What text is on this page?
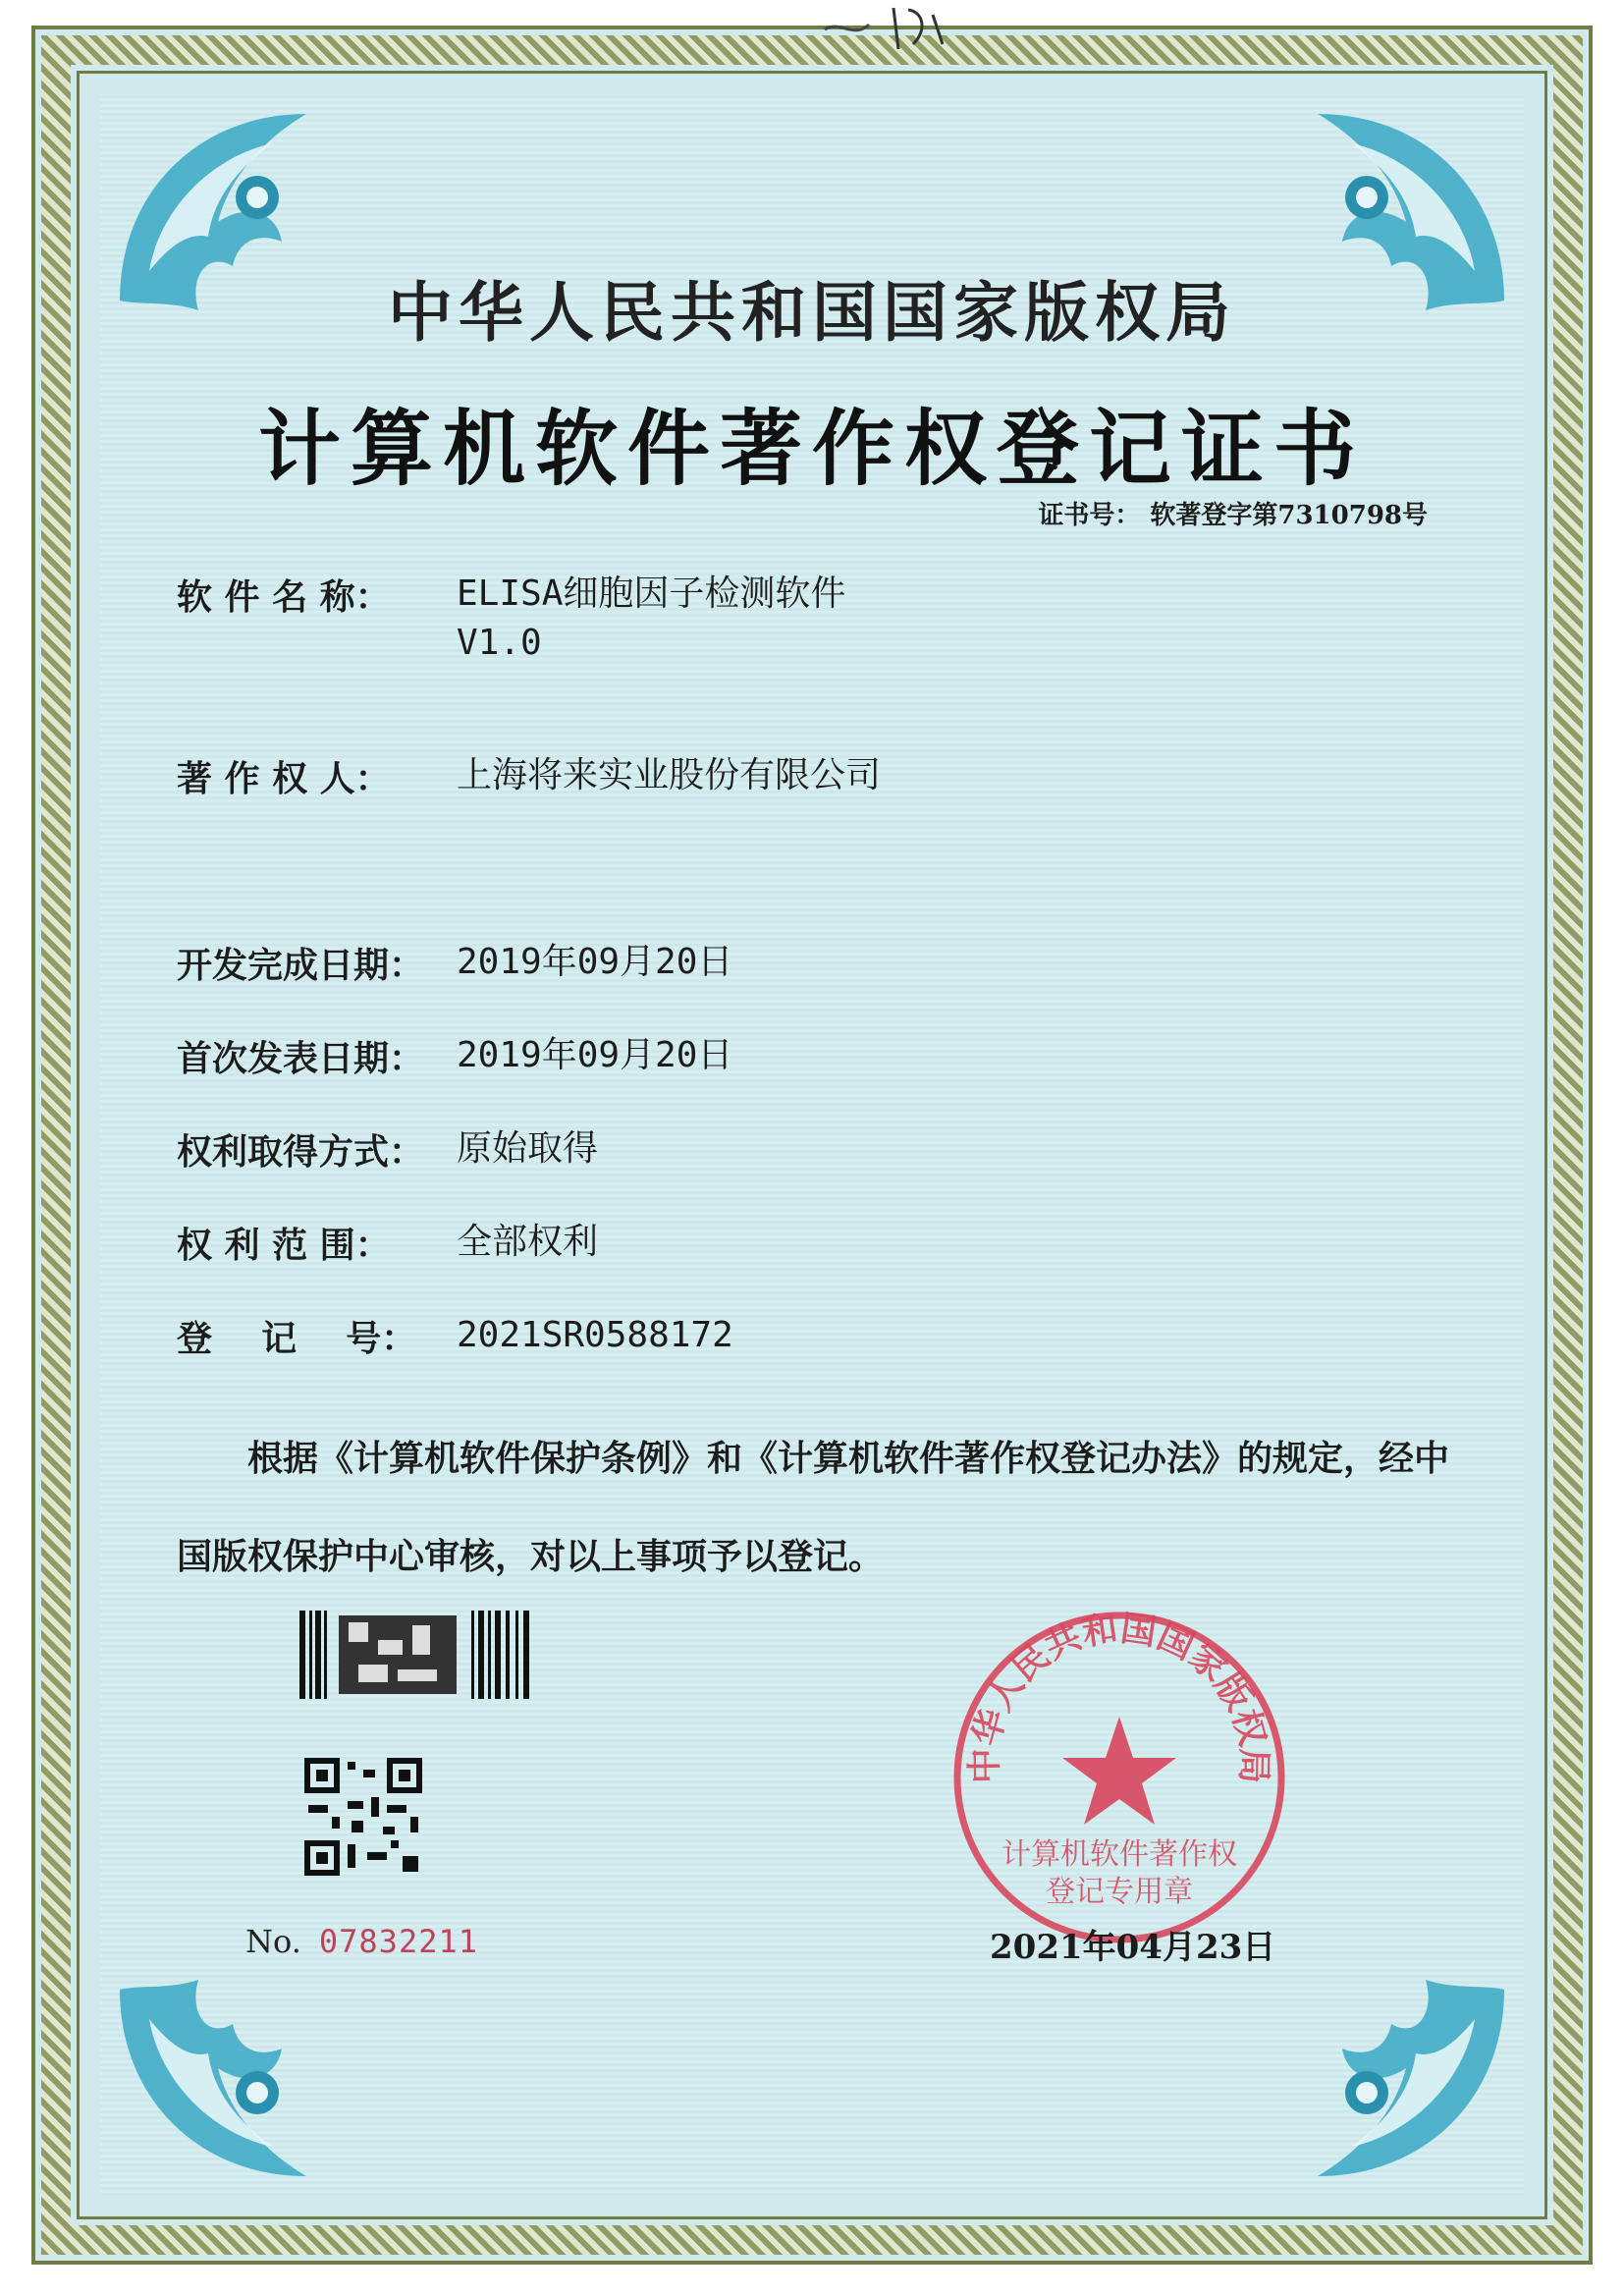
中华人民共和国国家版权局
计算机软件著作权登记证书
证书号： 软著登字第7310798号
软 件 名 称：	ELISA细胞因子检测软件
V1.0
著 作 权 人：	上海将来实业股份有限公司
开发完成日期： 2019年09月20日
首次发表日期： 2019年09月20日
权利取得方式： 原始取得
权 利 范 围：	全部权利
登    记    号：	2021SR0588172
根据《计算机软件保护条例》和《计算机软件著作权登记办法》的规定，经中国版权保护中心审核，对以上事项予以登记。
No. 07832211
中华人民共和国国家版权局
计算机软件著作权
登记专用章
2021年04月23日
